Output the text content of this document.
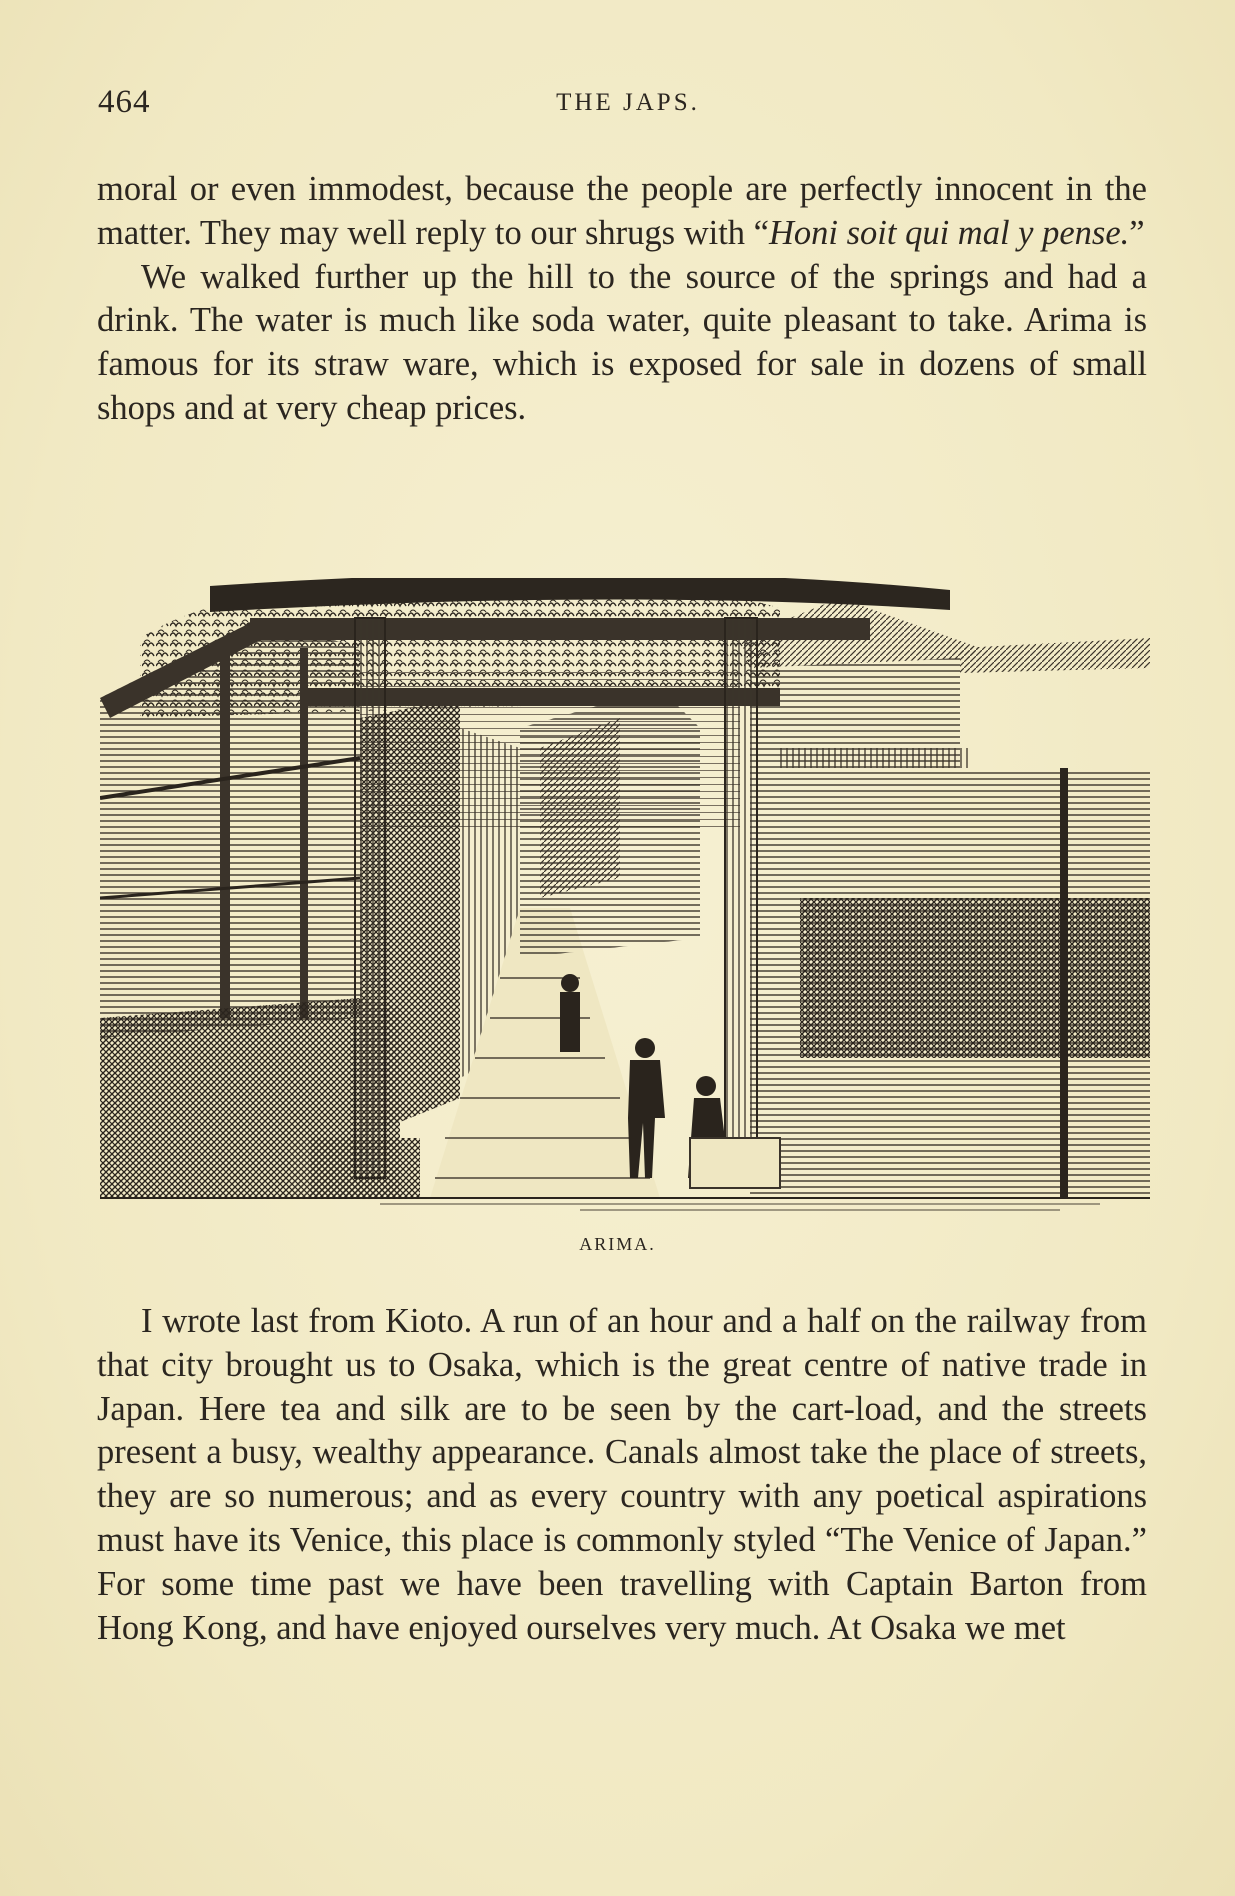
464	THE JAPS.

moral or even immodest, because the people are perfectly innocent in the matter. They may well reply to our shrugs with “Honi soit qui mal y pense.”

We walked further up the hill to the source of the springs and had a drink. The water is much like soda water, quite pleasant to take. Arima is famous for its straw ware, which is exposed for sale in dozens of small shops and at very cheap prices.

ARIMA.

I wrote last from Kioto. A run of an hour and a half on the railway from that city brought us to Osaka, which is the great centre of native trade in Japan. Here tea and silk are to be seen by the cart-load, and the streets present a busy, wealthy appearance. Canals almost take the place of streets, they are so numerous; and as every country with any poetical aspirations must have its Venice, this place is commonly styled “The Venice of Japan.” For some time past we have been travelling with Captain Barton from Hong Kong, and have enjoyed ourselves very much. At Osaka we met
